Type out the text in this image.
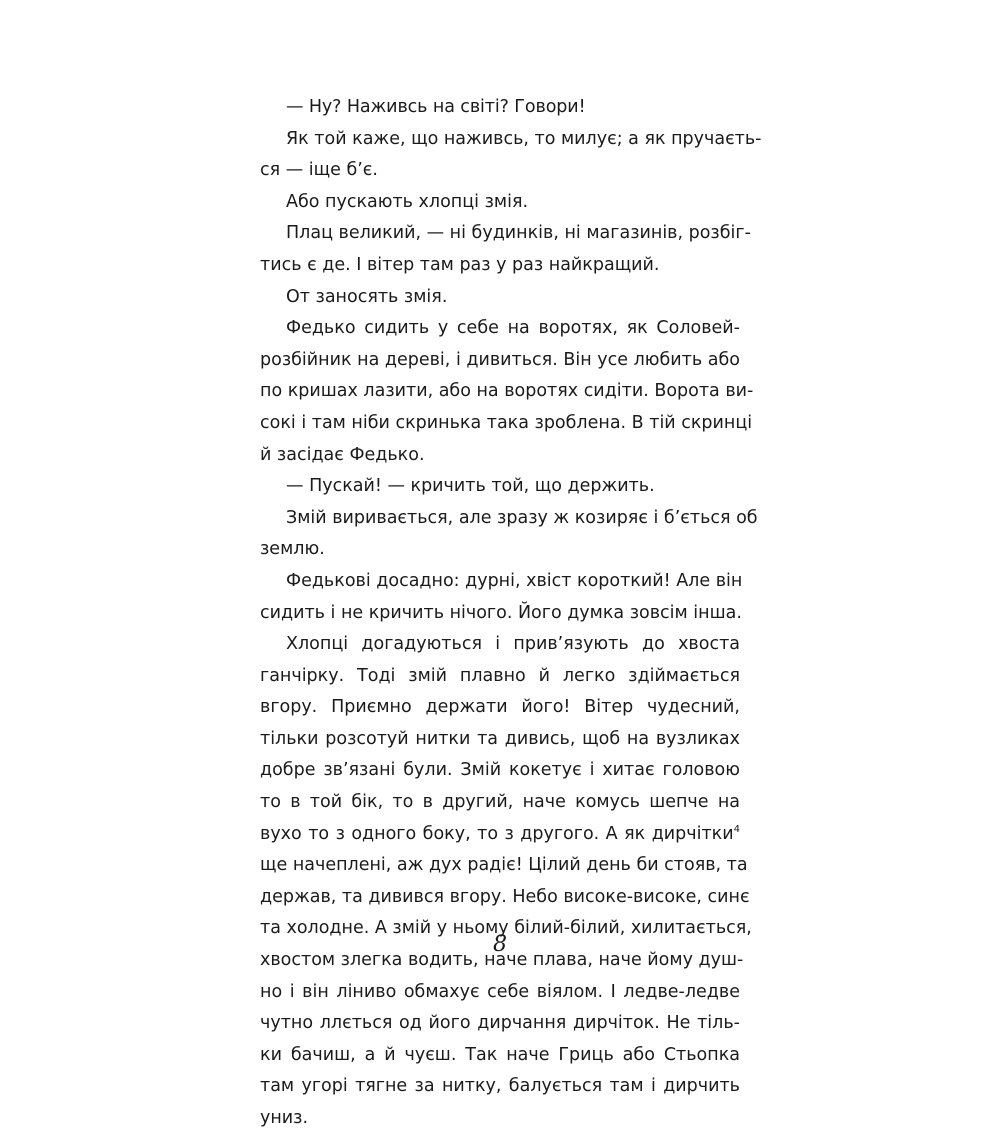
— Ну? Наживсь на світі? Говори!
Як той каже, що наживсь, то милує; а як пручаєть-
ся — іще б’є.
Або пускають хлопці змія.
Плац великий, — ні будинків, ні магазинів, розбіг-
тись є де. І вітер там раз у раз найкращий.
От заносять змія.
Федько сидить у себе на воротях, як Соловей-
розбійник на дереві, і дивиться. Він усе любить або
по кришах лазити, або на воротях сидіти. Ворота ви-
сокі і там ніби скринька така зроблена. В тій скринці
й засідає Федько.
— Пускай! — кричить той, що держить.
Змій виривається, але зразу ж козиряє і б’ється об
землю.
Федькові досадно: дурні, хвіст короткий! Але він
сидить і не кричить нічого. Його думка зовсім інша.
Хлопці догадуються і прив’язують до хвоста
ганчірку. Тоді змій плавно й легко здіймається
вгору. Приємно держати його! Вітер чудесний,
тільки розсотуй нитки та дивись, щоб на вузликах
добре зв’язані були. Змій кокетує і хитає головою
то в той бік, то в другий, наче комусь шепче на
вухо то з одного боку, то з другого. А як дирчітки$^4$
ще начеплені, аж дух радіє! Цілий день би стояв, та
держав, та дивився вгору. Небо високе-високе, синє
та холодне. А змій у ньому білий-білий, хилитається,
хвостом злегка водить, наче плава, наче йому душ-
но і він ліниво обмахує себе віялом. І ледве-ледве
чутно ллється од його дирчання дирчіток. Не тіль-
ки бачиш, а й чуєш. Так наче Гриць або Стьопка
там угорі тягне за нитку, балується там і дирчить
униз.
8
